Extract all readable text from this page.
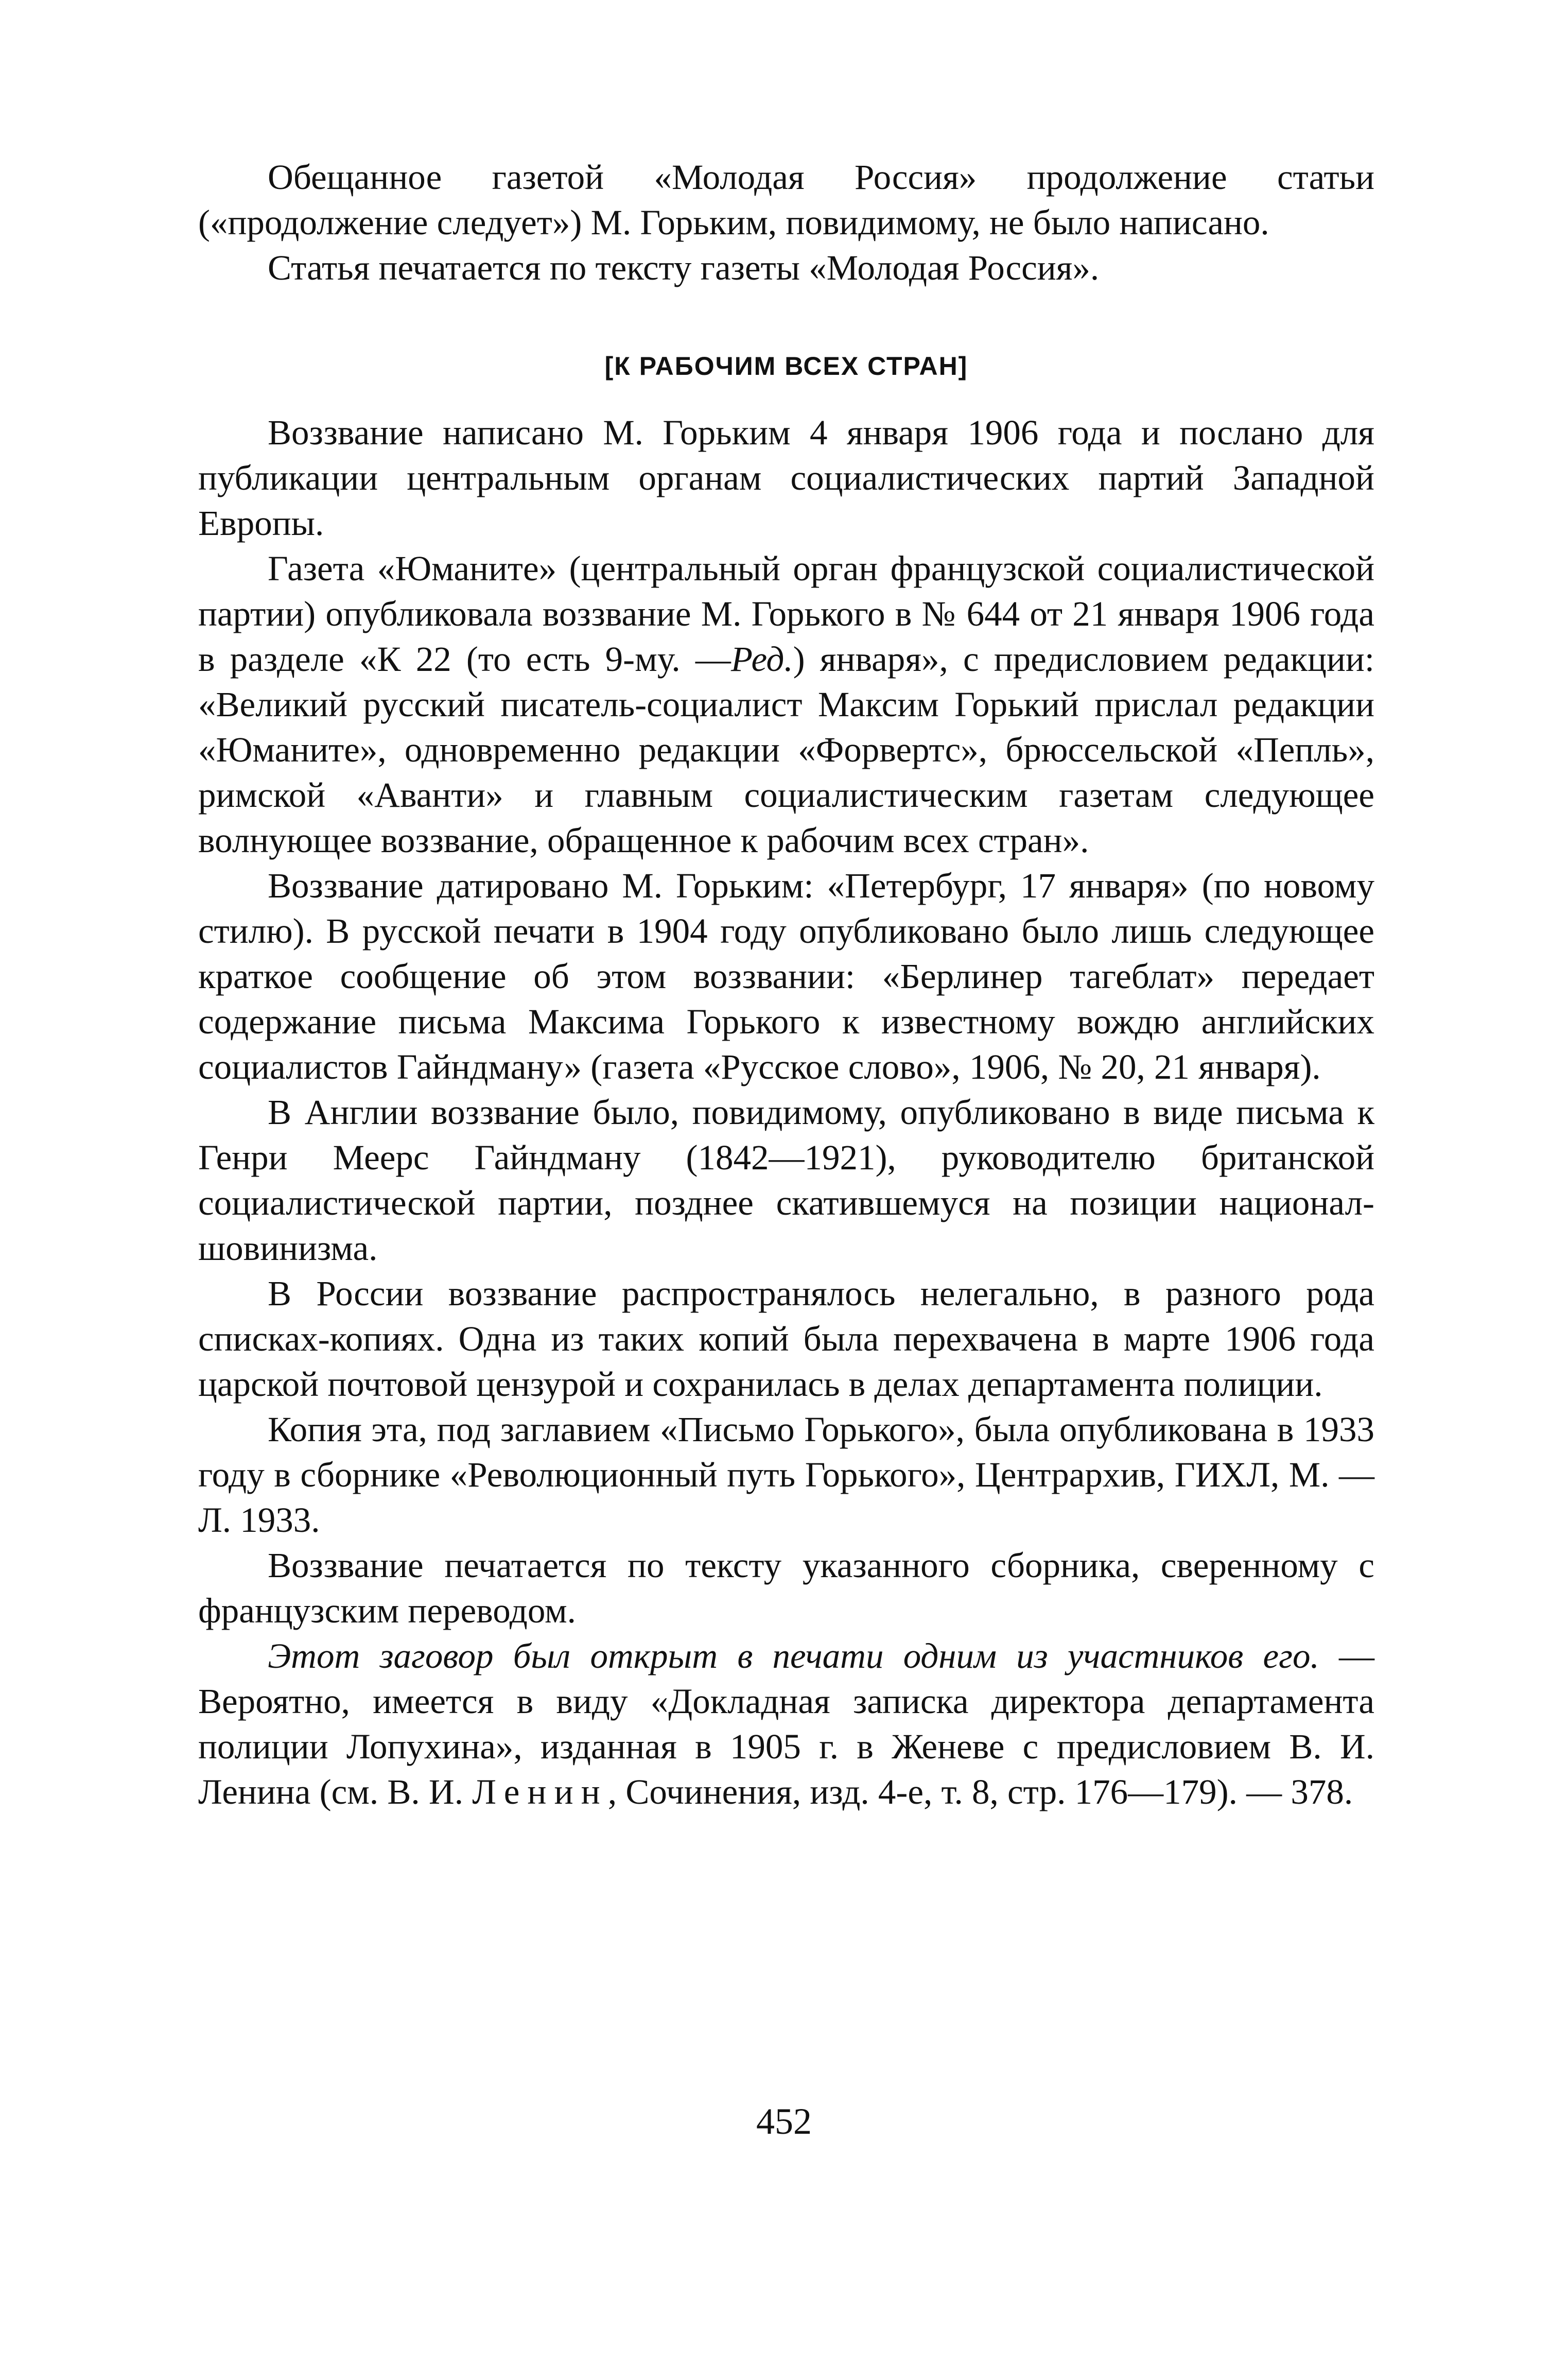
Обещанное газетой «Молодая Россия» продолжение статьи («продолжение следует») М. Горьким, повидимому, не было написано.

Статья печатается по тексту газеты «Молодая Россия».

[К РАБОЧИМ ВСЕХ СТРАН]

Воззвание написано М. Горьким 4 января 1906 года и послано для публикации центральным органам социалистических партий Западной Европы.

Газета «Юманите» (центральный орган французской социалистической партии) опубликовала воззвание М. Горького в № 644 от 21 января 1906 года в разделе «К 22 (то есть 9-му. —Ред.) января», с предисловием редакции: «Великий русский писатель-социалист Максим Горький прислал редакции «Юманите», одновременно редакции «Форвертс», брюссельской «Пепль», римской «Аванти» и главным социалистическим газетам следующее волнующее воззвание, обращенное к рабочим всех стран».

Воззвание датировано М. Горьким: «Петербург, 17 января» (по новому стилю). В русской печати в 1904 году опубликовано было лишь следующее краткое сообщение об этом воззвании: «Берлинер тагеблат» передает содержание письма Максима Горького к известному вождю английских социалистов Гайндману» (газета «Русское слово», 1906, № 20, 21 января).

В Англии воззвание было, повидимому, опубликовано в виде письма к Генри Меерс Гайндману (1842—1921), руководителю британской социалистической партии, позднее скатившемуся на позиции национал-шовинизма.

В России воззвание распространялось нелегально, в разного рода списках-копиях. Одна из таких копий была перехвачена в марте 1906 года царской почтовой цензурой и сохранилась в делах департамента полиции.

Копия эта, под заглавием «Письмо Горького», была опубликована в 1933 году в сборнике «Революционный путь Горького», Центрархив, ГИХЛ, М. — Л. 1933.

Воззвание печатается по тексту указанного сборника, сверенному с французским переводом.

Этот заговор был открыт в печати одним из участников его. — Вероятно, имеется в виду «Докладная записка директора департамента полиции Лопухина», изданная в 1905 г. в Женеве с предисловием В. И. Ленина (см. В. И. Ленин, Сочинения, изд. 4-е, т. 8, стр. 176—179). — 378.

452
